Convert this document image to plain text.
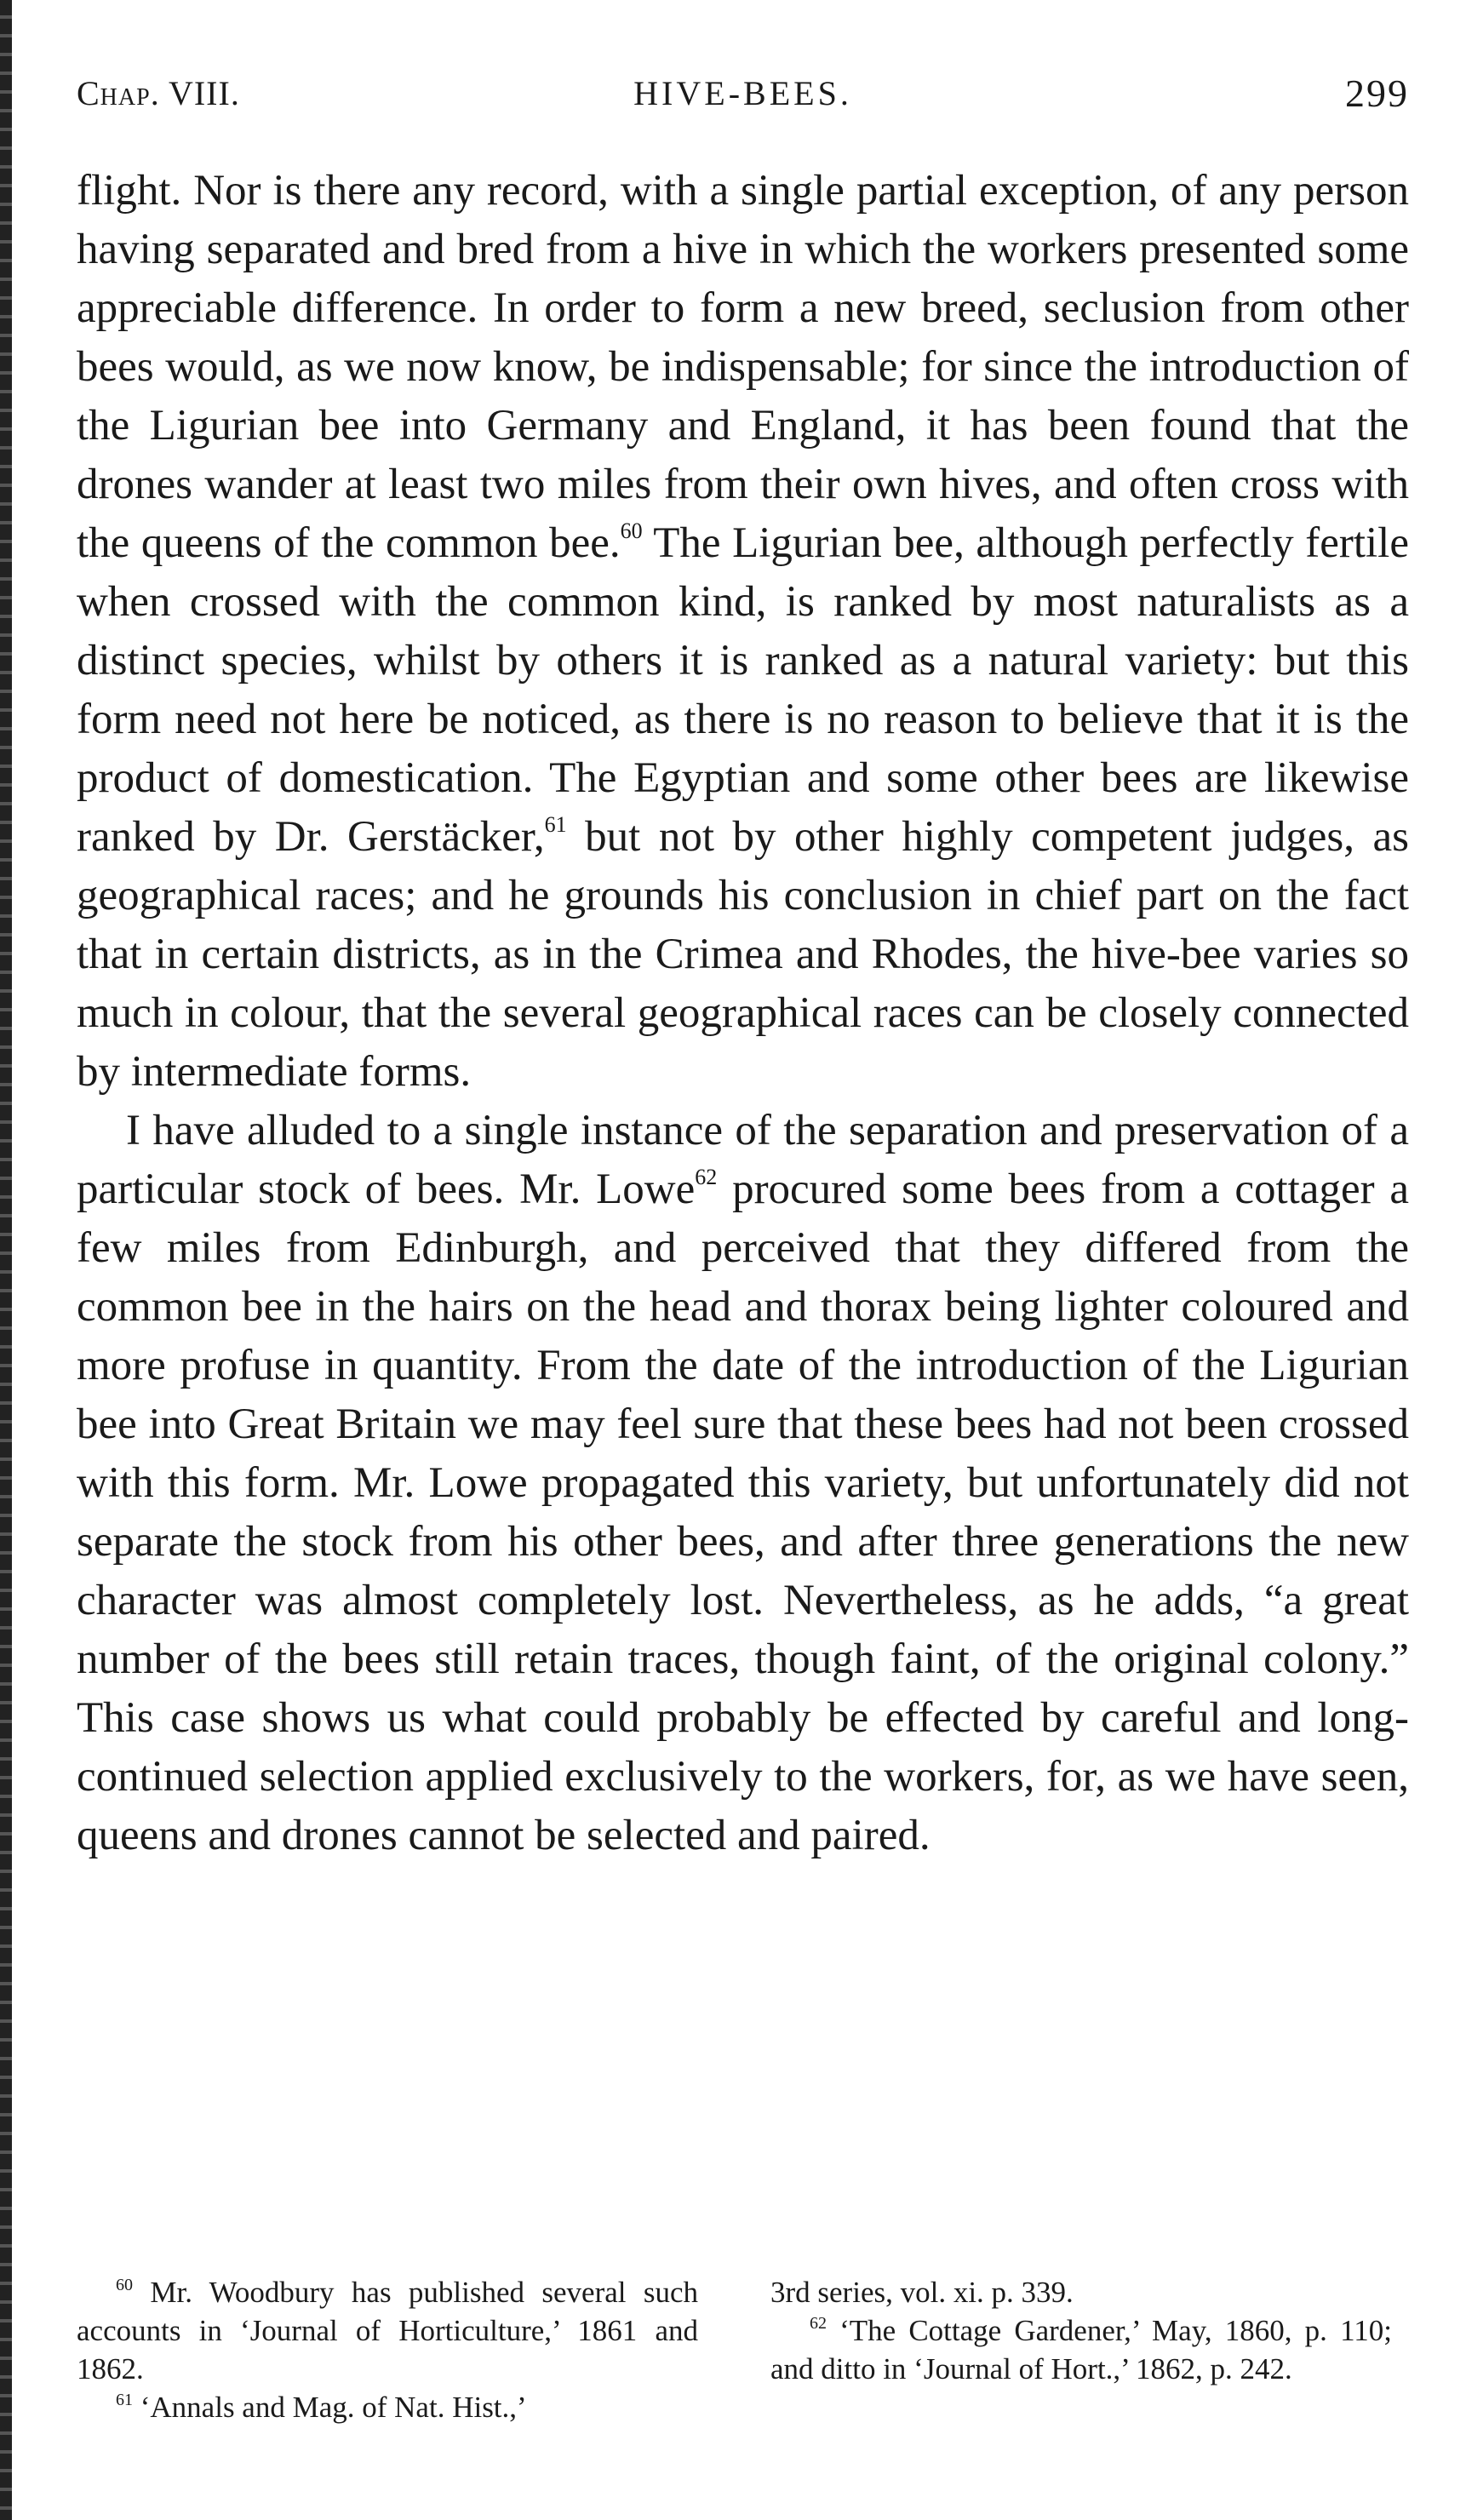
Chap. VIII.	HIVE-BEES.	299

flight. Nor is there any record, with a single partial exception, of any person having separated and bred from a hive in which the workers presented some appreciable difference. In order to form a new breed, seclusion from other bees would, as we now know, be indispensable; for since the introduction of the Ligurian bee into Germany and England, it has been found that the drones wander at least two miles from their own hives, and often cross with the queens of the common bee.$^{60}$ The Ligurian bee, although perfectly fertile when crossed with the common kind, is ranked by most naturalists as a distinct species, whilst by others it is ranked as a natural variety: but this form need not here be noticed, as there is no reason to believe that it is the product of domestication. The Egyptian and some other bees are likewise ranked by Dr. Gerstäcker,$^{61}$ but not by other highly competent judges, as geographical races; and he grounds his conclusion in chief part on the fact that in certain districts, as in the Crimea and Rhodes, the hive-bee varies so much in colour, that the several geographical races can be closely connected by intermediate forms.

I have alluded to a single instance of the separation and preservation of a particular stock of bees. Mr. Lowe$^{62}$ procured some bees from a cottager a few miles from Edinburgh, and perceived that they differed from the common bee in the hairs on the head and thorax being lighter coloured and more profuse in quantity. From the date of the introduction of the Ligurian bee into Great Britain we may feel sure that these bees had not been crossed with this form. Mr. Lowe propagated this variety, but unfortunately did not separate the stock from his other bees, and after three generations the new character was almost completely lost. Nevertheless, as he adds, “a great number of the bees still retain traces, though faint, of the original colony.” This case shows us what could probably be effected by careful and long-continued selection applied exclusively to the workers, for, as we have seen, queens and drones cannot be selected and paired.

$^{60}$ Mr. Woodbury has published several such accounts in ‘Journal of Horticulture,’ 1861 and 1862.

$^{61}$ ‘Annals and Mag. of Nat. Hist.,’

3rd series, vol. xi. p. 339.

$^{62}$ ‘The Cottage Gardener,’ May, 1860, p. 110; and ditto in ‘Journal of Hort.,’ 1862, p. 242.
